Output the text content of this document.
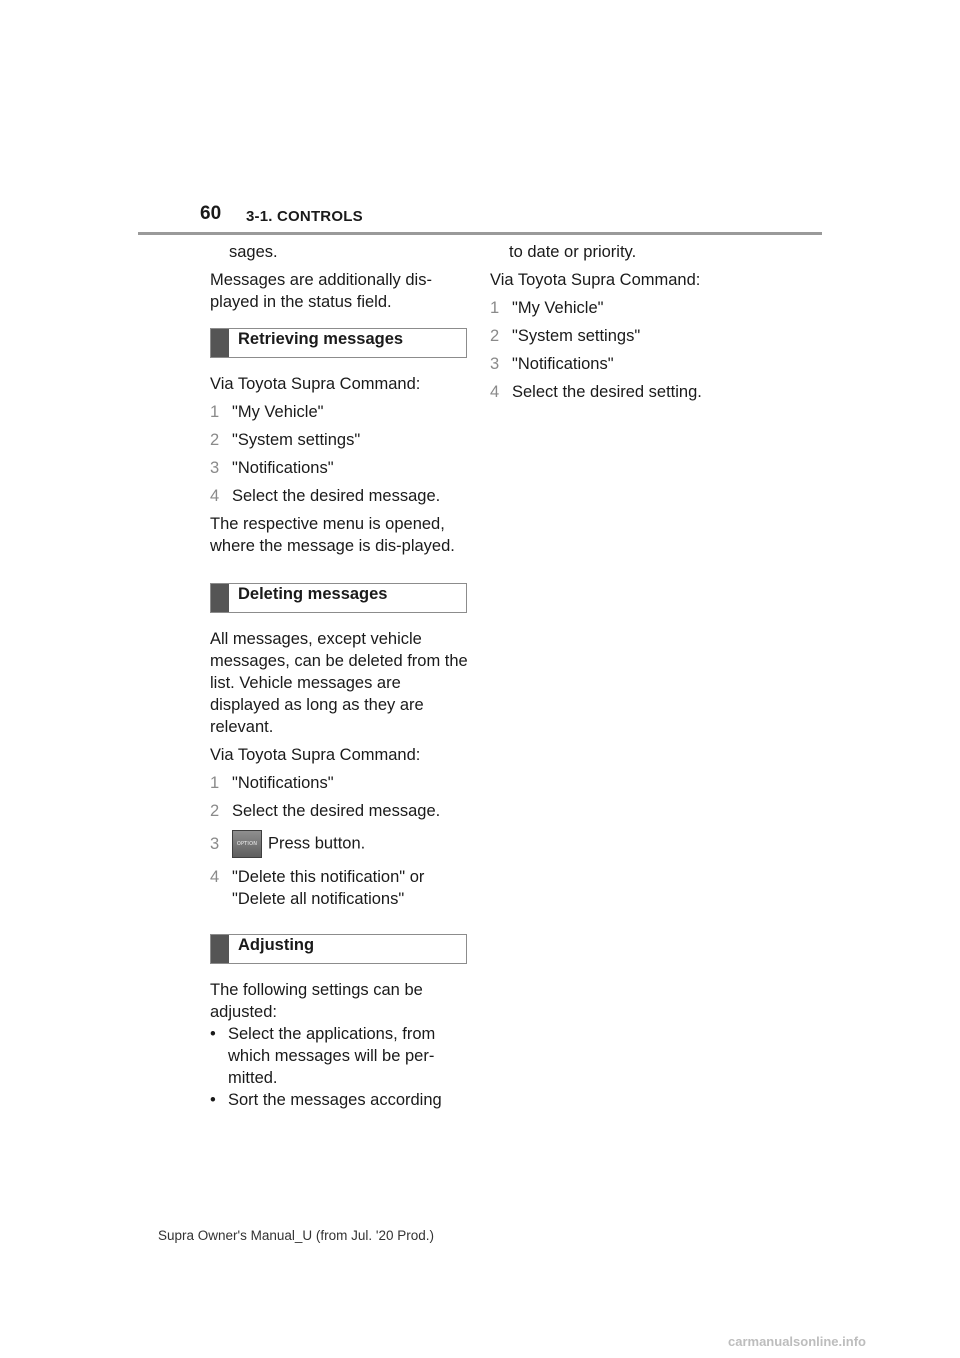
60 3-1. CONTROLS

sages.

Messages are additionally dis-played in the status field.

Retrieving messages

Via Toyota Supra Command:

1 "My Vehicle"
2 "System settings"
3 "Notifications"
4 Select the desired message.

The respective menu is opened, where the message is dis-played.

Deleting messages

All messages, except vehicle messages, can be deleted from the list. Vehicle messages are displayed as long as they are relevant.

Via Toyota Supra Command:

1 "Notifications"
2 Select the desired message.
3	OPTION Press button.
4 "Delete this notification" or "Delete all notifications"
Adjusting

The following settings can be adjusted:

• Select the applications, from which messages will be per-mitted.
• Sort the messages according

to date or priority.

Via Toyota Supra Command:

1 "My Vehicle"
2 "System settings"
3 "Notifications"
4 Select the desired setting.
Supra Owner's Manual_U (from Jul. '20 Prod.)
carmanualsonline.info
